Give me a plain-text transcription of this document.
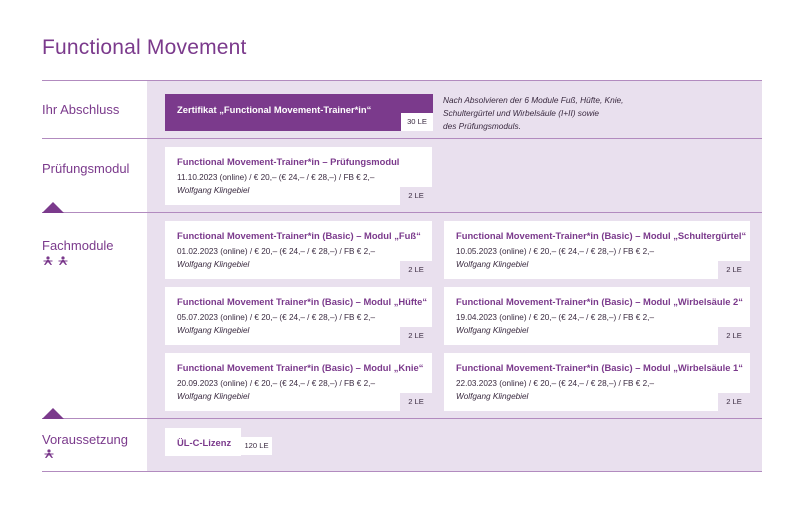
Functional Movement
Ihr Abschluss
Prüfungsmodul
Fachmodule
Voraussetzung
Zertifikat „Functional Movement-Trainer*in“
30 LE
Nach Absolvieren der 6 Module Fuß, Hüfte, Knie,
Schultergürtel und Wirbelsäule (I+II) sowie
des Prüfungsmoduls.
Functional Movement-Trainer*in – Prüfungsmodul
11.10.2023 (online) / € 20,– (€ 24,– / € 28,–) / FB € 2,–
Wolfgang Klingebiel
2 LE
Functional Movement-Trainer*in (Basic) – Modul „Fuß“
01.02.2023 (online) / € 20,– (€ 24,– / € 28,–) / FB € 2,–
Wolfgang Klingebiel
2 LE
Functional Movement-Trainer*in (Basic) – Modul „Schultergürtel“
10.05.2023 (online) / € 20,– (€ 24,– / € 28,–) / FB € 2,–
Wolfgang Klingebiel
2 LE
Functional Movement Trainer*in (Basic) – Modul „Hüfte“
05.07.2023 (online) / € 20,– (€ 24,– / € 28,–) / FB € 2,–
Wolfgang Klingebiel
2 LE
Functional Movement-Trainer*in (Basic) – Modul „Wirbelsäule 2“
19.04.2023 (online) / € 20,– (€ 24,– / € 28,–) / FB € 2,–
Wolfgang Klingebiel
2 LE
Functional Movement Trainer*in (Basic) – Modul „Knie“
20.09.2023 (online) / € 20,– (€ 24,– / € 28,–) / FB € 2,–
Wolfgang Klingebiel
2 LE
Functional Movement-Trainer*in (Basic) – Modul „Wirbelsäule 1“
22.03.2023 (online) / € 20,– (€ 24,– / € 28,–) / FB € 2,–
Wolfgang Klingebiel
2 LE
ÜL-C-Lizenz	120 LE
